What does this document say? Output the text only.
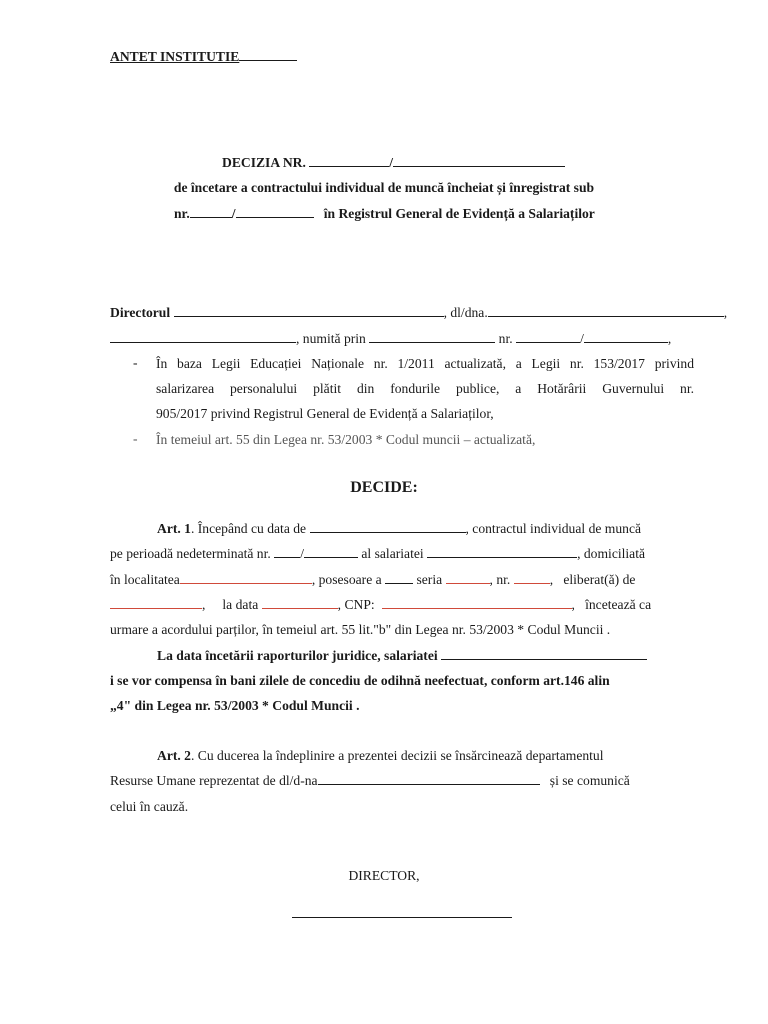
ANTET INSTITUTIE
DECIZIA NR.	/
de încetare a contractului individual de muncă încheiat și înregistrat sub
nr.	/	în Registrul General de Evidență a Salariaților
Directorul	, dl/dna.	,
, numită prin	nr.	/	,
- În baza Legii Educației Naționale nr. 1/2011 actualizată, a Legii nr. 153/2017 privind
salarizarea personalului plătit din fondurile publice, a Hotărârii Guvernului nr.
905/2017 privind Registrul General de Evidență a Salariaților,
- În temeiul art. 55 din Legea nr. 53/2003 * Codul muncii – actualizată,
DECIDE:
Art. 1. Începând cu data de	, contractul individual de muncă
pe perioadă nedeterminată nr. /	al salariatei	, domiciliată
în localitatea	, posesoare a	seria	, nr.	, eliberat(ă) de
, la data	, CNP:	, încetează ca
urmare a acordului parților, în temeiul art. 55 lit."b" din Legea nr. 53/2003 * Codul Muncii .
La data încetării raporturilor juridice, salariatei
i se vor compensa în bani zilele de concediu de odihnă neefectuat, conform art.146 alin
„4" din Legea nr. 53/2003 * Codul Muncii .
Art. 2. Cu ducerea la îndeplinire a prezentei decizii se însărcinează departamentul
Resurse Umane reprezentat de dl/d-na	și se comunică
celui în cauză.
DIRECTOR,
